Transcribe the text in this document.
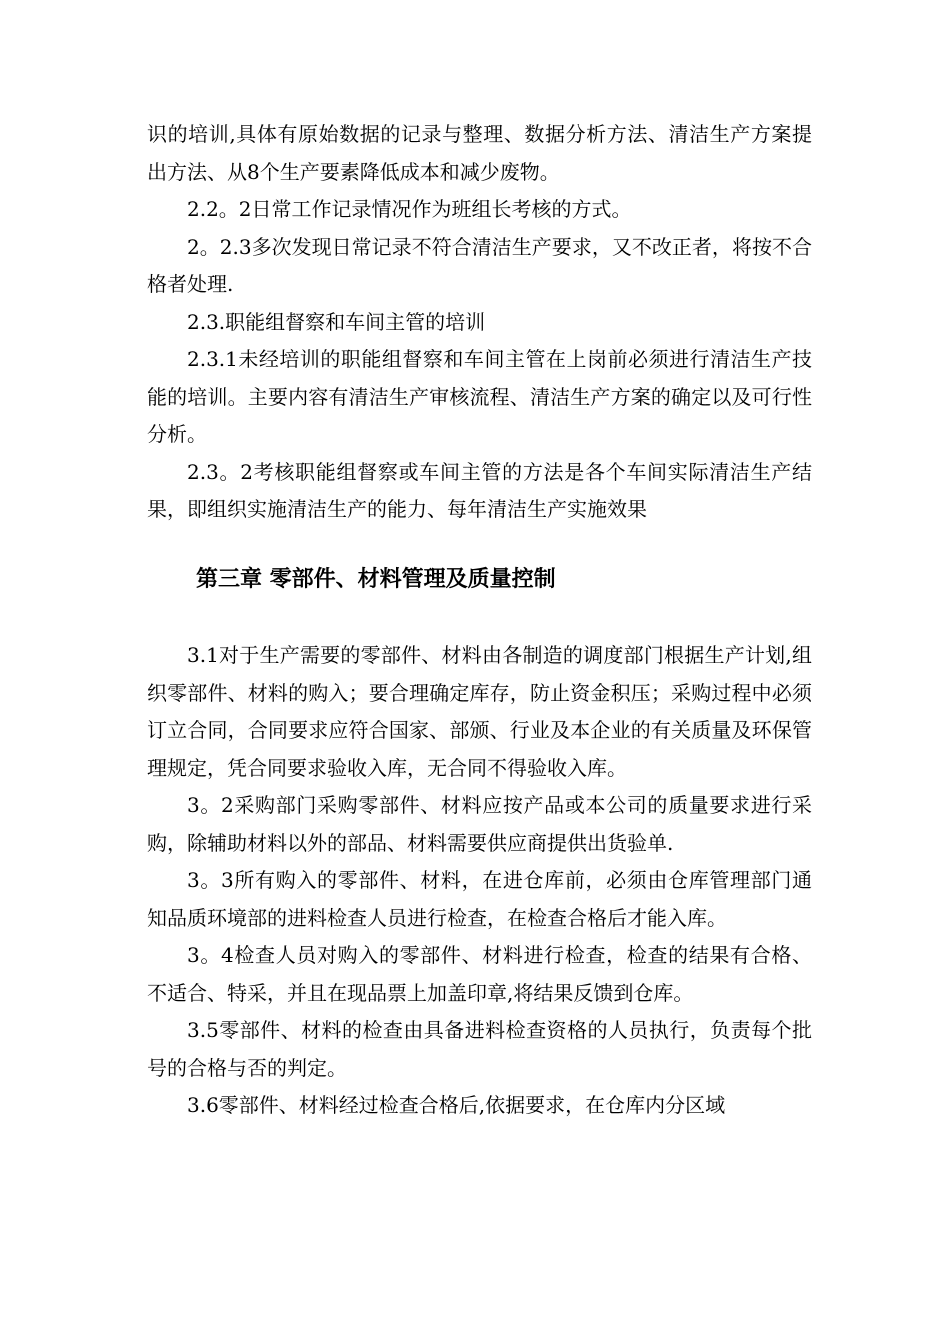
识的培训,具体有原始数据的记录与整理、数据分析方法、清洁生产方案提出方法、从8个生产要素降低成本和减少废物。

2.2。2日常工作记录情况作为班组长考核的方式。

2。2.3多次发现日常记录不符合清洁生产要求，又不改正者，将按不合格者处理.

2.3.职能组督察和车间主管的培训

2.3.1未经培训的职能组督察和车间主管在上岗前必须进行清洁生产技能的培训。主要内容有清洁生产审核流程、清洁生产方案的确定以及可行性分析。

2.3。2考核职能组督察或车间主管的方法是各个车间实际清洁生产结果，即组织实施清洁生产的能力、每年清洁生产实施效果

第三章 零部件、材料管理及质量控制

3.1对于生产需要的零部件、材料由各制造的调度部门根据生产计划,组织零部件、材料的购入；要合理确定库存，防止资金积压；采购过程中必须订立合同，合同要求应符合国家、部颁、行业及本企业的有关质量及环保管理规定，凭合同要求验收入库，无合同不得验收入库。

3。2采购部门采购零部件、材料应按产品或本公司的质量要求进行采购，除辅助材料以外的部品、材料需要供应商提供出货验单.

3。3所有购入的零部件、材料，在进仓库前，必须由仓库管理部门通知品质环境部的进料检查人员进行检查，在检查合格后才能入库。

3。4检查人员对购入的零部件、材料进行检查，检查的结果有合格、不适合、特采，并且在现品票上加盖印章,将结果反馈到仓库。

3.5零部件、材料的检查由具备进料检查资格的人员执行，负责每个批号的合格与否的判定。

3.6零部件、材料经过检查合格后,依据要求，在仓库内分区域
